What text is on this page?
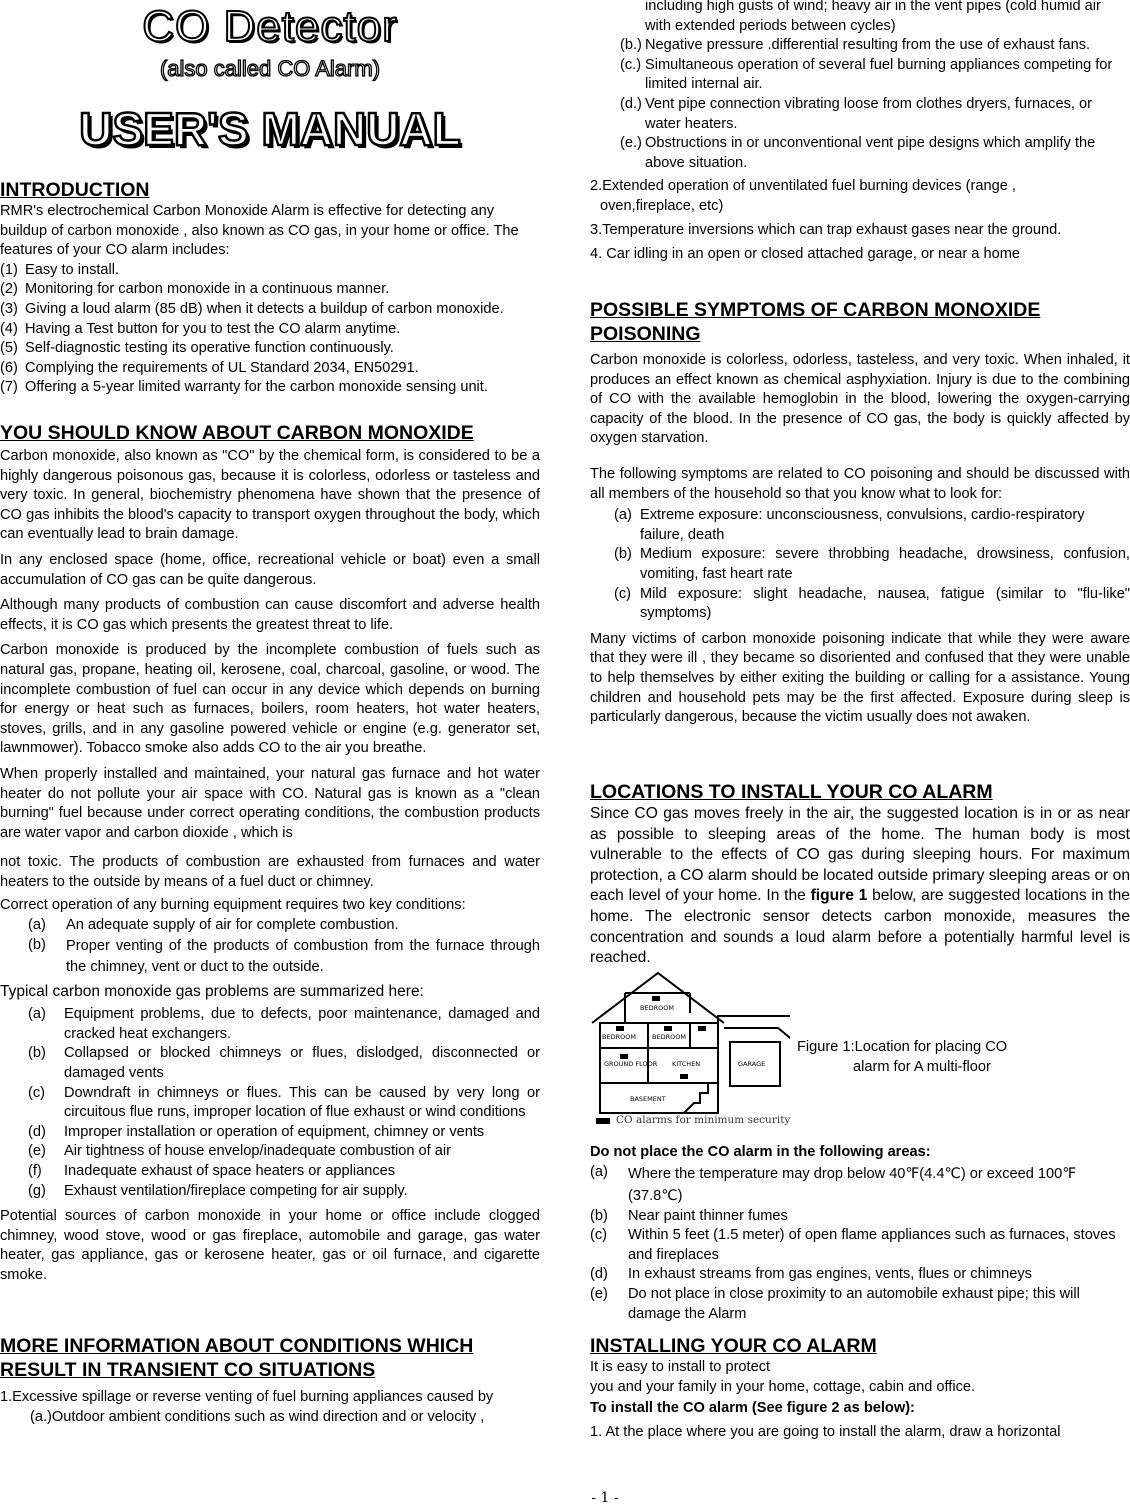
CO Detector
(also called CO Alarm)
USER'S MANUAL
INTRODUCTION

RMR's electrochemical Carbon Monoxide Alarm is effective for detecting any buildup of carbon monoxide , also known as CO gas, in your home or office. The features of your CO alarm includes:

(1) Easy to install.
(2) Monitoring for carbon monoxide in a continuous manner.
(3) Giving a loud alarm (85 dB) when it detects a buildup of carbon monoxide.
(4) Having a Test button for you to test the CO alarm anytime.
(5) Self-diagnostic testing its operative function continuously.
(6) Complying the requirements of UL Standard 2034, EN50291.
(7) Offering a 5-year limited warranty for the carbon monoxide sensing unit.
YOU SHOULD KNOW ABOUT CARBON MONOXIDE

Carbon monoxide, also known as "CO" by the chemical form, is considered to be a highly dangerous poisonous gas, because it is colorless, odorless or tasteless and very toxic. In general, biochemistry phenomena have shown that the presence of CO gas inhibits the blood's capacity to transport oxygen throughout the body, which can eventually lead to brain damage.

In any enclosed space (home, office, recreational vehicle or boat) even a small accumulation of CO gas can be quite dangerous.

Although many products of combustion can cause discomfort and adverse health effects, it is CO gas which presents the greatest threat to life.

Carbon monoxide is produced by the incomplete combustion of fuels such as natural gas, propane, heating oil, kerosene, coal, charcoal, gasoline, or wood. The incomplete combustion of fuel can occur in any device which depends on burning for energy or heat such as furnaces, boilers, room heaters, hot water heaters, stoves, grills, and in any gasoline powered vehicle or engine (e.g. generator set, lawnmower). Tobacco smoke also adds CO to the air you breathe.

When properly installed and maintained, your natural gas furnace and hot water heater do not pollute your air space with CO. Natural gas is known as a "clean burning" fuel because under correct operating conditions, the combustion products are water vapor and carbon dioxide , which is

not toxic. The products of combustion are exhausted from furnaces and water heaters to the outside by means of a fuel duct or chimney.

Correct operation of any burning equipment requires two key conditions:

(a)	An adequate supply of air for complete combustion.
(b)	Proper venting of the products of combustion from the furnace through the chimney, vent or duct to the outside.

Typical carbon monoxide gas problems are summarized here:

(a)	Equipment problems, due to defects, poor maintenance, damaged and cracked heat exchangers.
(b)	Collapsed or blocked chimneys or flues, dislodged, disconnected or damaged vents
(c)	Downdraft in chimneys or flues. This can be caused by very long or circuitous flue runs, improper location of flue exhaust or wind conditions
(d)	Improper installation or operation of equipment, chimney or vents
(e)	Air tightness of house envelop/inadequate combustion of air
(f)	Inadequate exhaust of space heaters or appliances
(g)	Exhaust ventilation/fireplace competing for air supply.

Potential sources of carbon monoxide in your home or office include clogged chimney, wood stove, wood or gas fireplace, automobile and garage, gas water heater, gas appliance, gas or kerosene heater, gas or oil furnace, and cigarette smoke.

MORE INFORMATION ABOUT CONDITIONS WHICH
RESULT IN TRANSIENT CO SITUATIONS

1.Excessive spillage or reverse venting of fuel burning appliances caused by

(a.)Outdoor ambient conditions such as wind direction and or velocity ,

including high gusts of wind; heavy air in the vent pipes (cold humid air with extended periods between cycles)

(b.) Negative pressure .differential resulting from the use of exhaust fans.
(c.) Simultaneous operation of several fuel burning appliances competing for limited internal air.
(d.) Vent pipe connection vibrating loose from clothes dryers, furnaces, or water heaters.
(e.) Obstructions in or unconventional vent pipe designs which amplify the above situation.

2.Extended operation of unventilated fuel burning devices (range , oven,fireplace, etc)

3.Temperature inversions which can trap exhaust gases near the ground.

4. Car idling in an open or closed attached garage, or near a home

POSSIBLE SYMPTOMS OF CARBON MONOXIDE
POISONING

Carbon monoxide is colorless, odorless, tasteless, and very toxic. When inhaled, it produces an effect known as chemical asphyxiation. Injury is due to the combining of CO with the available hemoglobin in the blood, lowering the oxygen-carrying capacity of the blood. In the presence of CO gas, the body is quickly affected by oxygen starvation.

The following symptoms are related to CO poisoning and should be discussed with all members of the household so that you know what to look for:

(a) Extreme exposure: unconsciousness, convulsions, cardio-respiratory failure, death
(b) Medium exposure: severe throbbing headache, drowsiness, confusion, vomiting, fast heart rate
(c) Mild exposure: slight headache, nausea, fatigue (similar to "flu-like" symptoms)

Many victims of carbon monoxide poisoning indicate that while they were aware that they were ill , they became so disoriented and confused that they were unable to help themselves by either exiting the building or calling for a assistance. Young children and household pets may be the first affected. Exposure during sleep is particularly dangerous, because the victim usually does not awaken.

LOCATIONS TO INSTALL YOUR CO ALARM

Since CO gas moves freely in the air, the suggested location is in or as near as possible to sleeping areas of the home. The human body is most vulnerable to the effects of CO gas during sleeping hours. For maximum protection, a CO alarm should be located outside primary sleeping areas or on each level of your home. In the figure 1 below, are suggested locations in the home. The electronic sensor detects carbon monoxide, measures the concentration and sounds a loud alarm before a potentially harmful level is reached.

BEDROOM
BEDROOM BEDROOM
KITCHEN	GARAGE
GROUND FLOOR
BASEMENT
CO alarms for minimum security
Figure 1:Location for placing CO
alarm for A multi-floor
Do not place the CO alarm in the following areas:
(a)	Where the temperature may drop below 40℉(4.4℃) or exceed 100℉ (37.8℃)
(b)	Near paint thinner fumes
(c)	Within 5 feet (1.5 meter) of open flame appliances such as furnaces, stoves and fireplaces
(d)	In exhaust streams from gas engines, vents, flues or chimneys
(e)	Do not place in close proximity to an automobile exhaust pipe; this will damage the Alarm
INSTALLING YOUR CO ALARM

It is easy to install to protect

you and your family in your home, cottage, cabin and office.

To install the CO alarm (See figure 2 as below):

1. At the place where you are going to install the alarm, draw a horizontal

- 1 -
